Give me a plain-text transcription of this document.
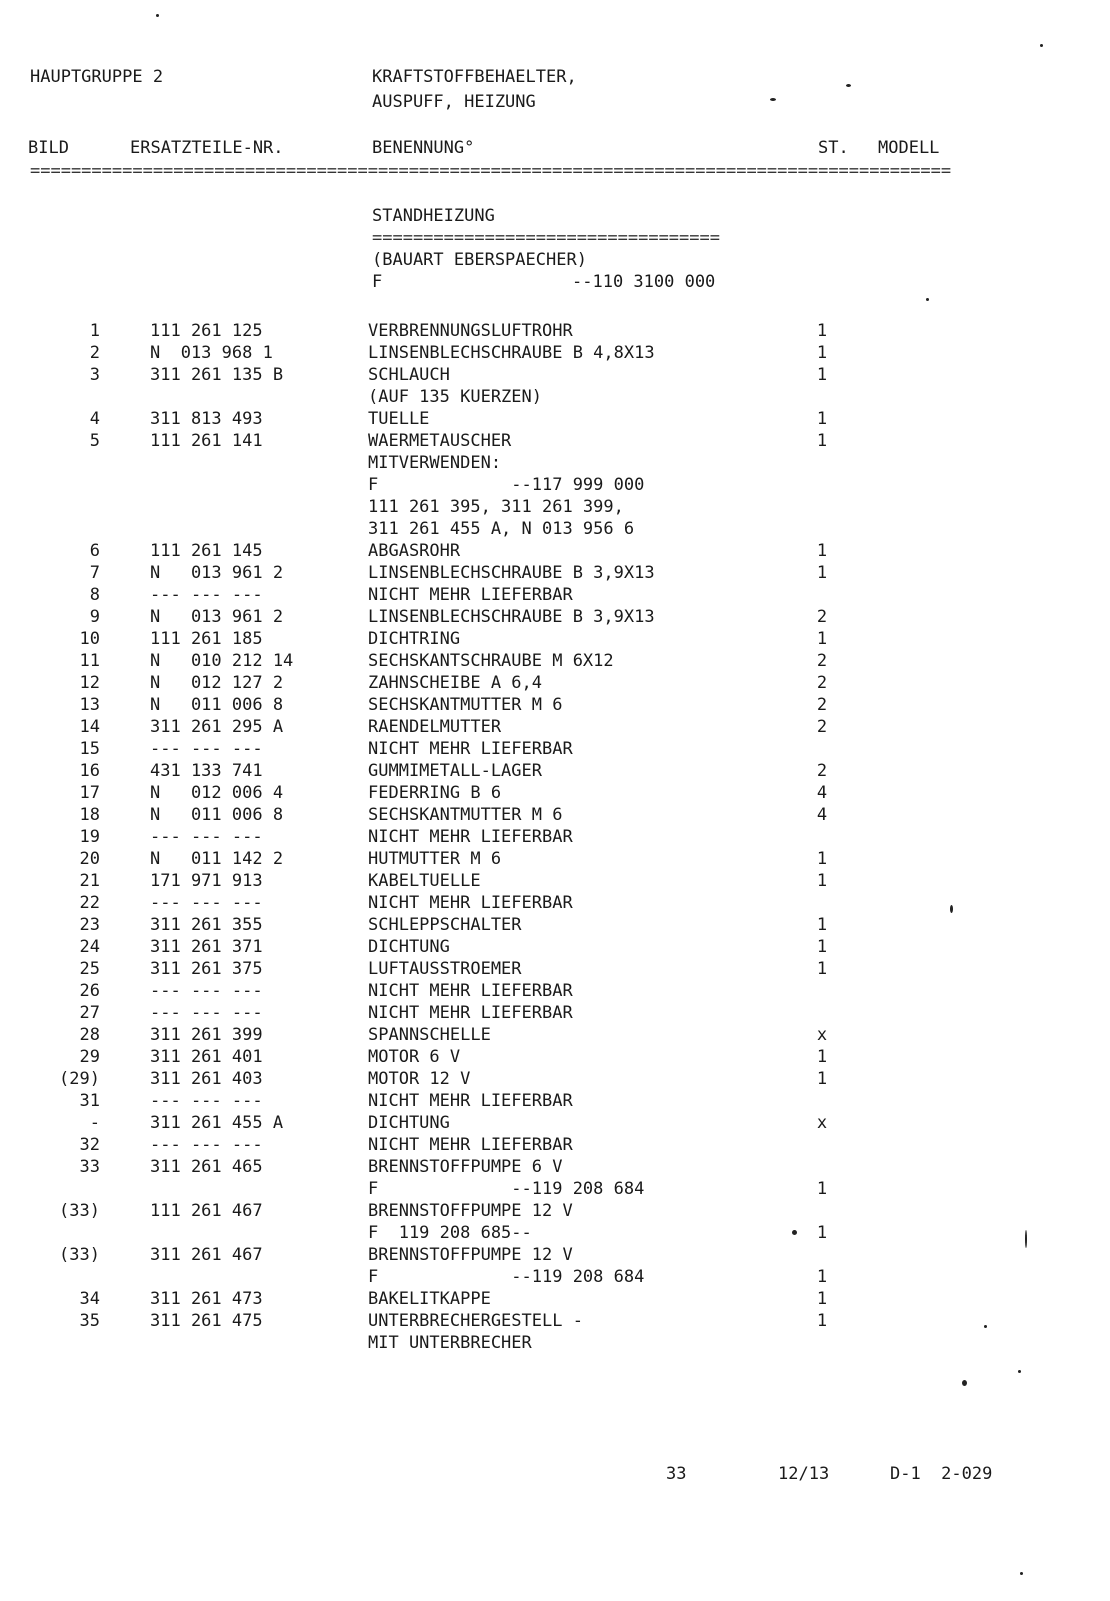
HAUPTGRUPPE 2	KRAFTSTOFFBEHAELTER,
AUSPUFF, HEIZUNG
BILD	ERSATZTEILE-NR.	BENENNUNG°	ST. MODELL
==========================================================================================
STANDHEIZUNG
==================================
(BAUART EBERSPAECHER)
F	--110 3100 000
1	111 261 125	VERBRENNUNGSLUFTROHR	1
2	N  013 968 1	LINSENBLECHSCHRAUBE B 4,8X13	1
3	311 261 135 B	SCHLAUCH	1
(AUF 135 KUERZEN)
4	311 813 493	TUELLE	1
5	111 261 141	WAERMETAUSCHER	1
MITVERWENDEN:
F             --117 999 000
111 261 395, 311 261 399,
311 261 455 A, N 013 956 6
6	111 261 145	ABGASROHR	1
7	N   013 961 2	LINSENBLECHSCHRAUBE B 3,9X13	1
8	--- --- ---	NICHT MEHR LIEFERBAR
9	N   013 961 2	LINSENBLECHSCHRAUBE B 3,9X13	2
10	111 261 185	DICHTRING	1
11	N   010 212 14	SECHSKANTSCHRAUBE M 6X12	2
12	N   012 127 2	ZAHNSCHEIBE A 6,4	2
13	N   011 006 8	SECHSKANTMUTTER M 6	2
14	311 261 295 A	RAENDELMUTTER	2
15	--- --- ---	NICHT MEHR LIEFERBAR
16	431 133 741	GUMMIMETALL-LAGER	2
17	N   012 006 4	FEDERRING B 6	4
18	N   011 006 8	SECHSKANTMUTTER M 6	4
19	--- --- ---	NICHT MEHR LIEFERBAR
20	N   011 142 2	HUTMUTTER M 6	1
21	171 971 913	KABELTUELLE	1
22	--- --- ---	NICHT MEHR LIEFERBAR
23	311 261 355	SCHLEPPSCHALTER	1
24	311 261 371	DICHTUNG	1
25	311 261 375	LUFTAUSSTROEMER	1
26	--- --- ---	NICHT MEHR LIEFERBAR
27	--- --- ---	NICHT MEHR LIEFERBAR
28	311 261 399	SPANNSCHELLE	x
29	311 261 401	MOTOR 6 V	1
(29)	311 261 403	MOTOR 12 V	1
31	--- --- ---	NICHT MEHR LIEFERBAR
-	311 261 455 A	DICHTUNG	x
32	--- --- ---	NICHT MEHR LIEFERBAR
33	311 261 465	BRENNSTOFFPUMPE 6 V
F             --119 208 684	1
(33)	111 261 467	BRENNSTOFFPUMPE 12 V
F  119 208 685--	1
(33)	311 261 467	BRENNSTOFFPUMPE 12 V
F             --119 208 684	1
34	311 261 473	BAKELITKAPPE	1
35	311 261 475	UNTERBRECHERGESTELL -	1
MIT UNTERBRECHER
33	12/13	D-1  2-029
